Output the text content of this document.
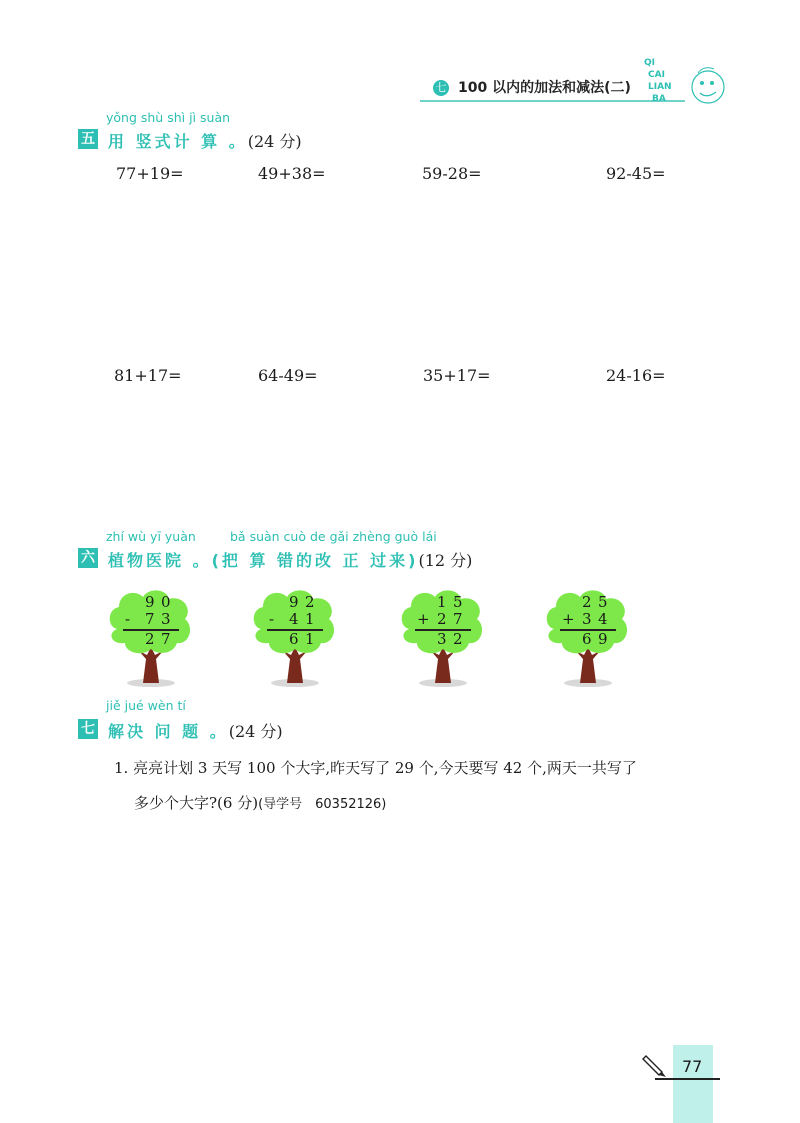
七 100 以内的加法和减法(二)
QI
CAI
LIAN
BA
yǒng shù shì jì suàn
五 用 竖式计 算 。(24 分)
77+19=	49+38=	59-28=	92-45=
81+17=	64-49=	35+17=	24-16=
zhí wù yī yuàn	bǎ suàn cuò de gǎi zhèng guò lái
六 植物医院 。(把 算 错的改 正 过来)(12 分)
9 0
- 7 3
2 7
9 2
- 4 1
6 1
1 5
+ 2 7
3 2
2 5
+ 3 4
6 9
jiě jué wèn tí
七 解决 问 题 。(24 分)
1. 亮亮计划 3 天写 100 个大字,昨天写了 29 个,今天要写 42 个,两天一共写了
多少个大字?(6 分)(导学号　60352126)
77
